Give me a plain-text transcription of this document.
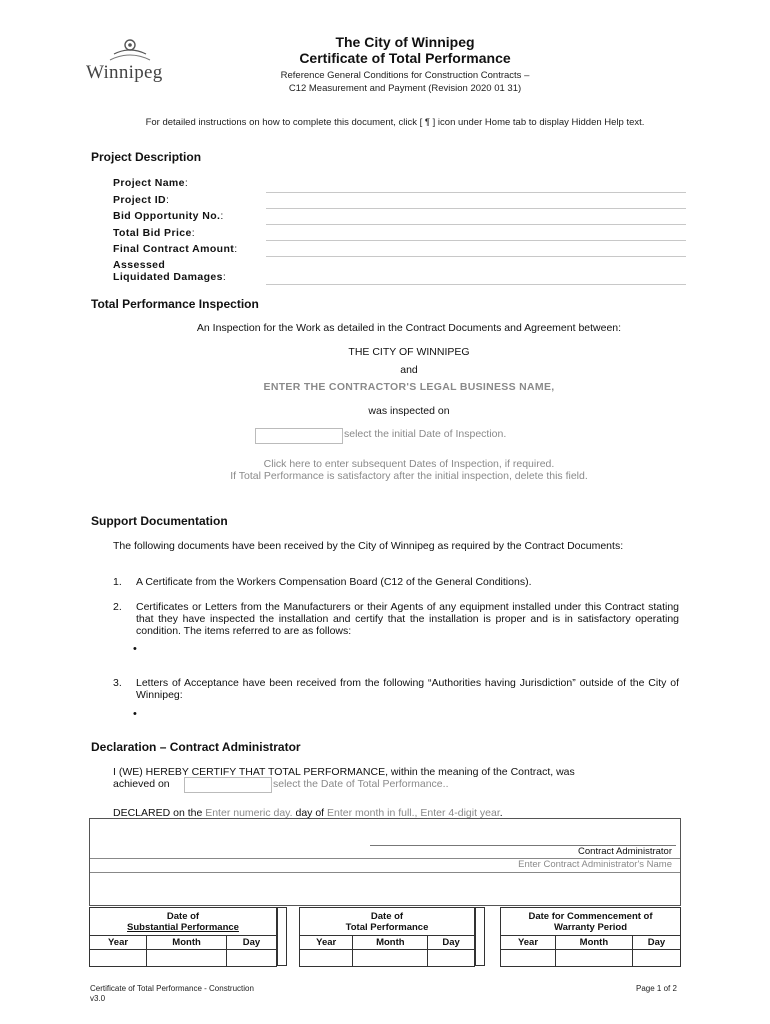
Winnipeg
The City of Winnipeg
Certificate of Total Performance
Reference General Conditions for Construction Contracts –
C12 Measurement and Payment (Revision 2020 01 31)
For detailed instructions on how to complete this document, click [ ¶ ] icon under Home tab to display Hidden Help text.
Project Description
Project Name:
Project ID:
Bid Opportunity No.:
Total Bid Price:
Final Contract Amount:
Assessed
Liquidated Damages:
Total Performance Inspection
An Inspection for the Work as detailed in the Contract Documents and Agreement between:
THE CITY OF WINNIPEG
and
ENTER THE CONTRACTOR'S LEGAL BUSINESS NAME,
was inspected on
select the initial Date of Inspection.
Click here to enter subsequent Dates of Inspection, if required.
If Total Performance is satisfactory after the initial inspection, delete this field.
Support Documentation
The following documents have been received by the City of Winnipeg as required by the Contract Documents:
1. A Certificate from the Workers Compensation Board (C12 of the General Conditions).
2. Certificates or Letters from the Manufacturers or their Agents of any equipment installed under this Contract stating that they have inspected the installation and certify that the installation is proper and is in satisfactory operating condition. The items referred to are as follows:
•
3. Letters of Acceptance have been received from the following “Authorities having Jurisdiction” outside of the City of Winnipeg:
•
Declaration – Contract Administrator
I (WE) HEREBY CERTIFY THAT TOTAL PERFORMANCE, within the meaning of the Contract, was
achieved on	select the Date of Total Performance..
DECLARED on the Enter numeric day. day of Enter month in full., Enter 4-digit year.
Contract Administrator
Enter Contract Administrator's Name
Date of
Substantial Performance		

Year	Month	Day

Date of
Total Performance		

Year	Month	Day

Date for Commencement of
Warranty Period		

Year	Month	Day

Certificate of Total Performance - Construction
v3.0
Page 1 of 2
